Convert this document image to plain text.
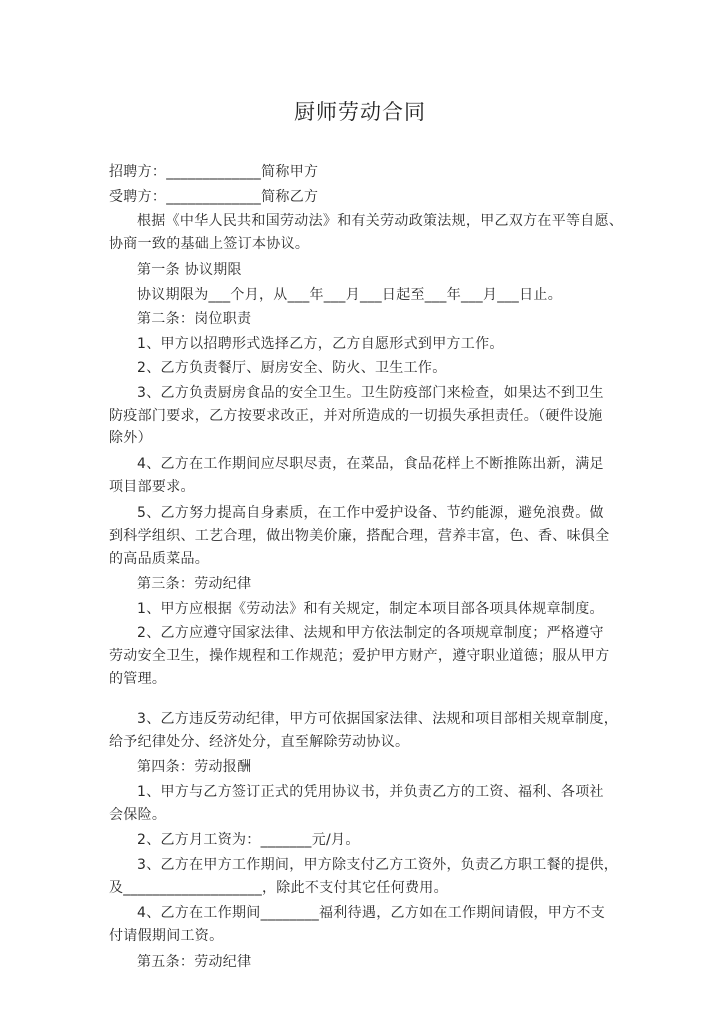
厨师劳动合同
招聘方：_____________简称甲方
受聘方：_____________简称乙方
根据《中华人民共和国劳动法》和有关劳动政策法规，甲乙双方在平等自愿、
协商一致的基础上签订本协议。
第一条 协议期限
协议期限为___个月，从___年___月___日起至___年___月___日止。
第二条：岗位职责
1、甲方以招聘形式选择乙方，乙方自愿形式到甲方工作。
2、乙方负责餐厅、厨房安全、防火、卫生工作。
3、乙方负责厨房食品的安全卫生。卫生防疫部门来检查，如果达不到卫生
防疫部门要求，乙方按要求改正，并对所造成的一切损失承担责任。（硬件设施
除外）
4、乙方在工作期间应尽职尽责，在菜品，食品花样上不断推陈出新，满足
项目部要求。
5、乙方努力提高自身素质，在工作中爱护设备、节约能源，避免浪费。做
到科学组织、工艺合理，做出物美价廉，搭配合理，营养丰富，色、香、味俱全
的高品质菜品。
第三条：劳动纪律
1、甲方应根据《劳动法》和有关规定，制定本项目部各项具体规章制度。
2、乙方应遵守国家法律、法规和甲方依法制定的各项规章制度；严格遵守
劳动安全卫生，操作规程和工作规范；爱护甲方财产，遵守职业道德；服从甲方
的管理。
3、乙方违反劳动纪律，甲方可依据国家法律、法规和项目部相关规章制度，
给予纪律处分、经济处分，直至解除劳动协议。
第四条：劳动报酬
1、甲方与乙方签订正式的凭用协议书，并负责乙方的工资、福利、各项社
会保险。
2、乙方月工资为：_______元/月。
3、乙方在甲方工作期间，甲方除支付乙方工资外，负责乙方职工餐的提供，
及___________________，除此不支付其它任何费用。
4、乙方在工作期间________福利待遇，乙方如在工作期间请假，甲方不支
付请假期间工资。
第五条：劳动纪律
